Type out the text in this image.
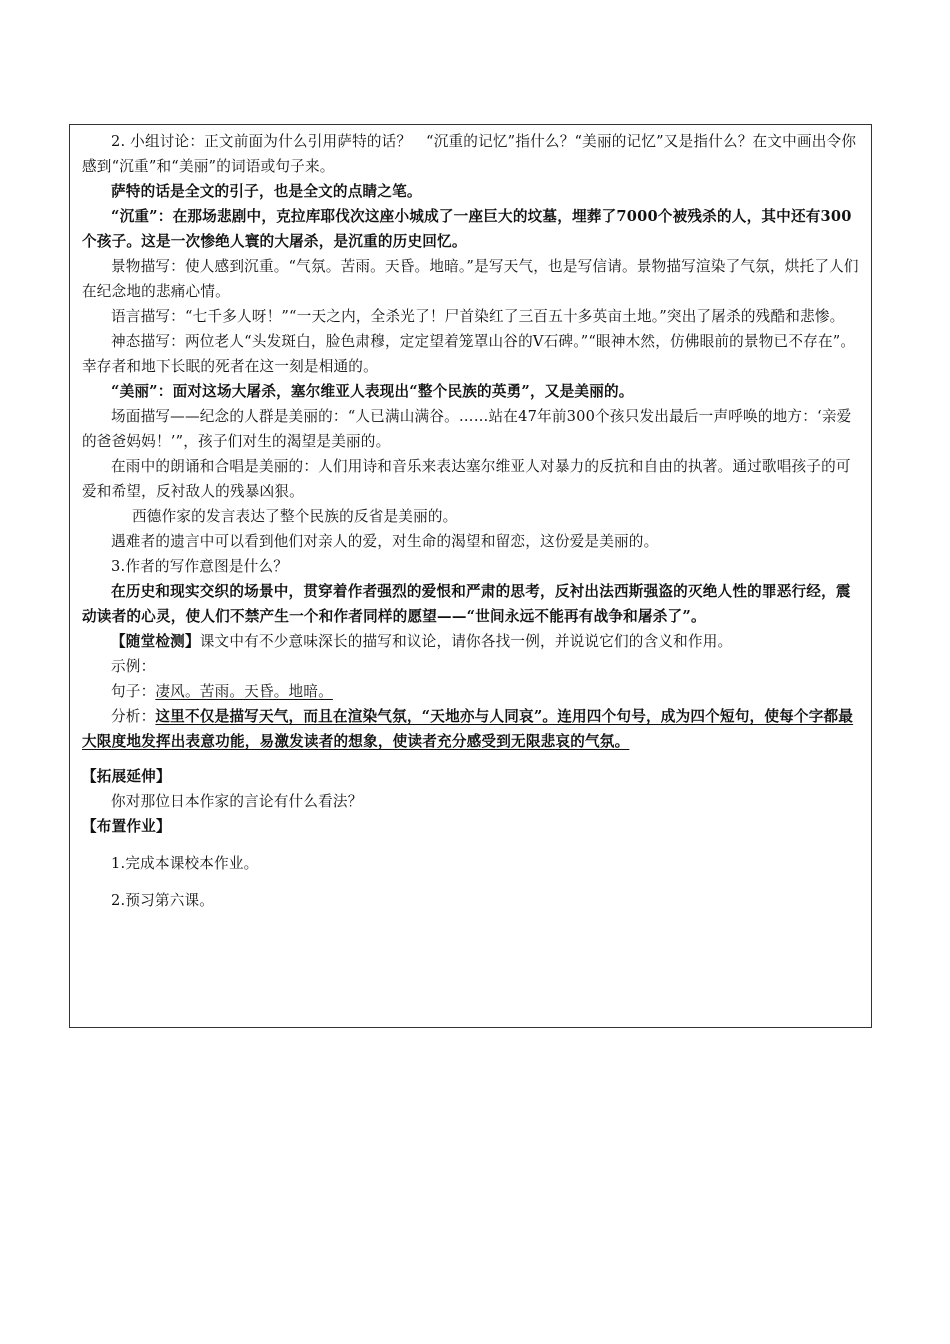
2. 小组讨论：正文前面为什么引用萨特的话？　“沉重的记忆”指什么？“美丽的记忆”又是指什么？在文中画出令你感到“沉重”和“美丽”的词语或句子来。

萨特的话是全文的引子，也是全文的点睛之笔。

“沉重”：在那场悲剧中，克拉库耶伐次这座小城成了一座巨大的坟墓，埋葬了7000个被残杀的人，其中还有300个孩子。这是一次惨绝人寰的大屠杀，是沉重的历史回忆。

景物描写：使人感到沉重。“气氛。苦雨。天昏。地暗。”是写天气，也是写信请。景物描写渲染了气氛，烘托了人们在纪念地的悲痛心情。

语言描写：“七千多人呀！”“一天之内，全杀光了！尸首染红了三百五十多英亩土地。”突出了屠杀的残酷和悲惨。

神态描写：两位老人“头发斑白，脸色肃穆，定定望着笼罩山谷的V石碑。”“眼神木然，仿佛眼前的景物已不存在”。幸存者和地下长眠的死者在这一刻是相通的。

“美丽”：面对这场大屠杀，塞尔维亚人表现出“整个民族的英勇”，又是美丽的。

场面描写——纪念的人群是美丽的：“人已满山满谷。……站在47年前300个孩只发出最后一声呼唤的地方：‘亲爱的爸爸妈妈！’”，孩子们对生的渴望是美丽的。

在雨中的朗诵和合唱是美丽的：人们用诗和音乐来表达塞尔维亚人对暴力的反抗和自由的执著。通过歌唱孩子的可爱和希望，反衬敌人的残暴凶狠。

西德作家的发言表达了整个民族的反省是美丽的。

遇难者的遗言中可以看到他们对亲人的爱，对生命的渴望和留恋，这份爱是美丽的。

3.作者的写作意图是什么？

在历史和现实交织的场景中，贯穿着作者强烈的爱恨和严肃的思考，反衬出法西斯强盗的灭绝人性的罪恶行经，震动读者的心灵，使人们不禁产生一个和作者同样的愿望——“世间永远不能再有战争和屠杀了”。

【随堂检测】课文中有不少意味深长的描写和议论，请你各找一例，并说说它们的含义和作用。

示例：

句子：凄风。苦雨。天昏。地暗。

分析：这里不仅是描写天气，而且在渲染气氛，“天地亦与人同哀”。连用四个句号，成为四个短句，使每个字都最大限度地发挥出表意功能，易激发读者的想象，使读者充分感受到无限悲哀的气氛。

【拓展延伸】

你对那位日本作家的言论有什么看法？

【布置作业】

1.完成本课校本作业。

2.预习第六课。
